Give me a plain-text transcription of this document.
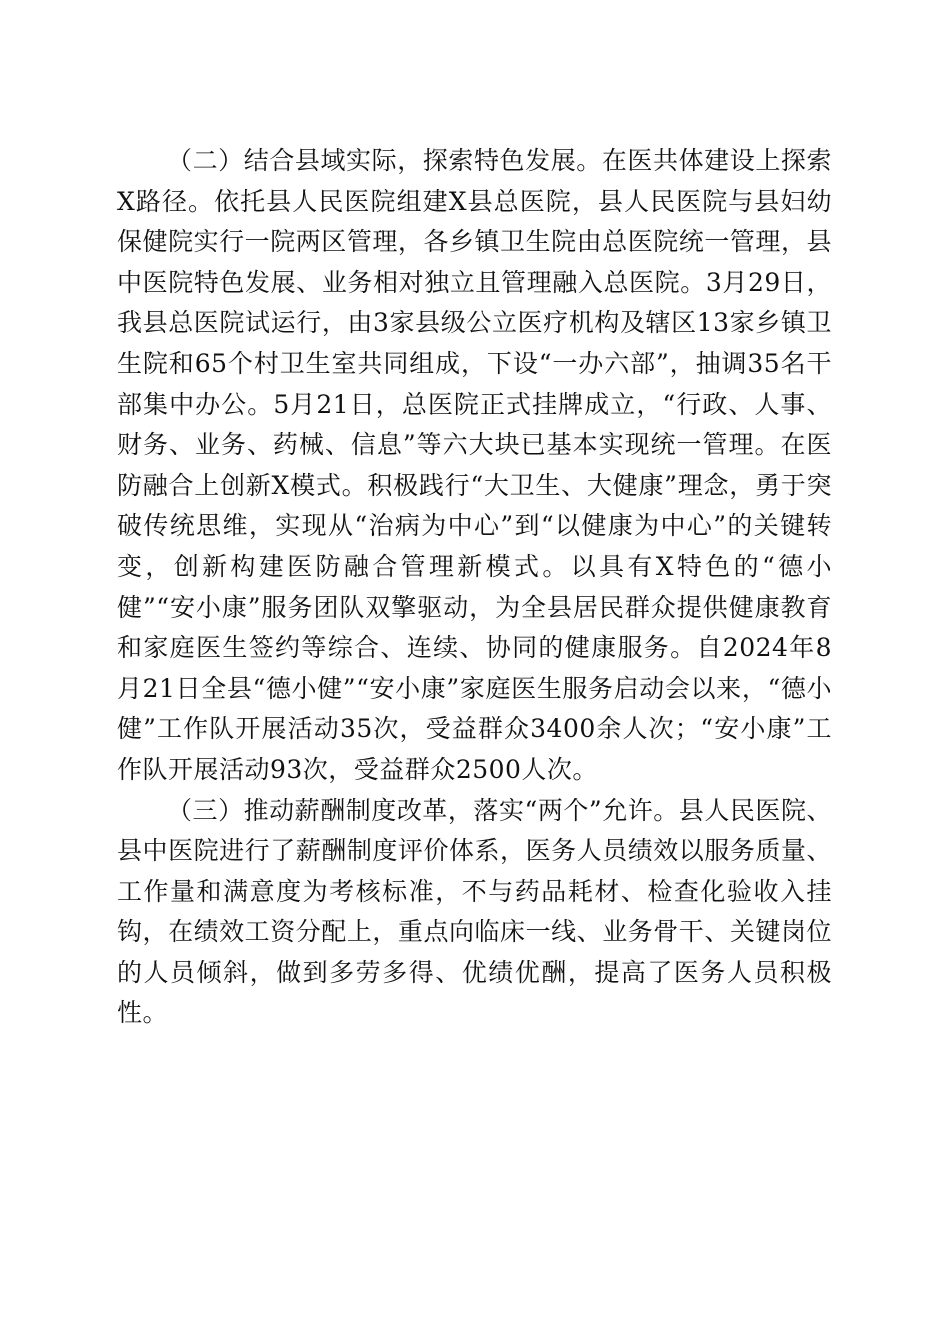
（二）结合县域实际，探索特色发展。在医共体建设上探索X路径。依托县人民医院组建X县总医院，县人民医院与县妇幼保健院实行一院两区管理，各乡镇卫生院由总医院统一管理，县中医院特色发展、业务相对独立且管理融入总医院。3月29日，我县总医院试运行，由3家县级公立医疗机构及辖区13家乡镇卫生院和65个村卫生室共同组成，下设“一办六部”，抽调35名干部集中办公。5月21日，总医院正式挂牌成立，“行政、人事、财务、业务、药械、信息”等六大块已基本实现统一管理。在医防融合上创新X模式。积极践行“大卫生、大健康”理念，勇于突破传统思维，实现从“治病为中心”到“以健康为中心”的关键转变，创新构建医防融合管理新模式。以具有X特色的“德小健”“安小康”服务团队双擎驱动，为全县居民群众提供健康教育和家庭医生签约等综合、连续、协同的健康服务。自2024年8月21日全县“德小健”“安小康”家庭医生服务启动会以来，“德小健”工作队开展活动35次，受益群众3400余人次；“安小康”工作队开展活动93次，受益群众2500人次。

（三）推动薪酬制度改革，落实“两个”允许。县人民医院、县中医院进行了薪酬制度评价体系，医务人员绩效以服务质量、工作量和满意度为考核标准，不与药品耗材、检查化验收入挂钩，在绩效工资分配上，重点向临床一线、业务骨干、关键岗位的人员倾斜，做到多劳多得、优绩优酬，提高了医务人员积极性。
